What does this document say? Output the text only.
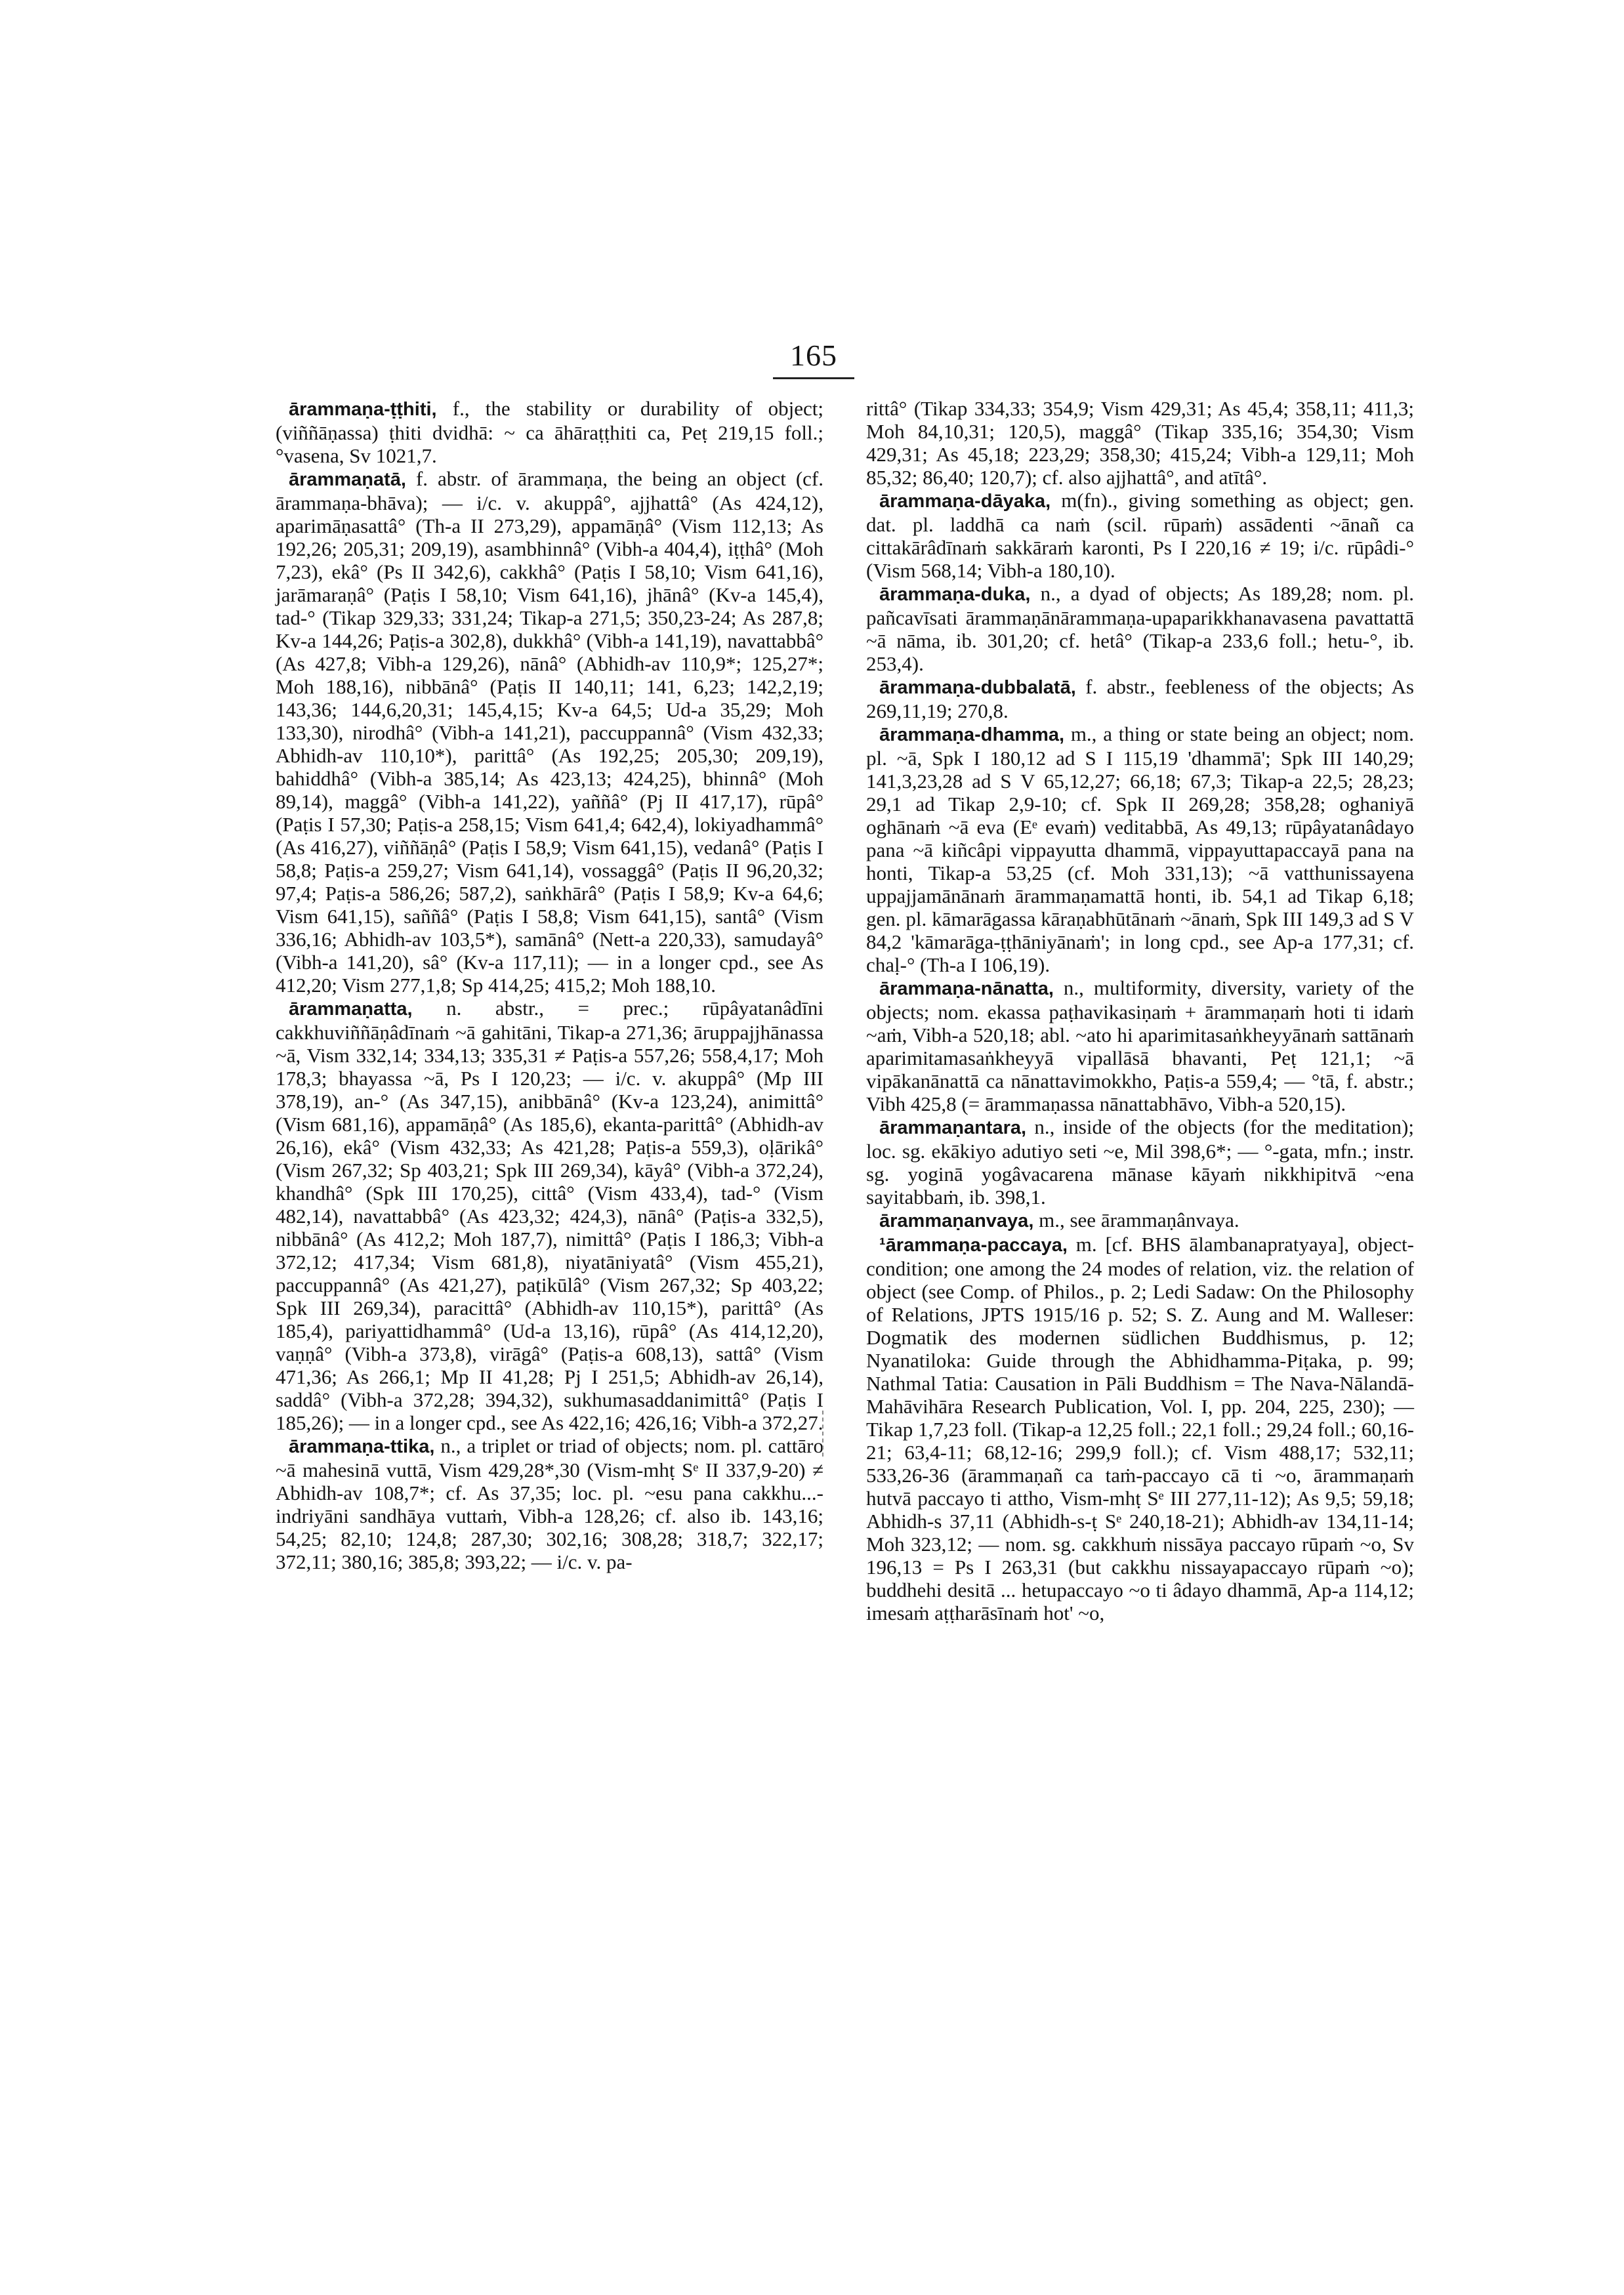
165

ārammaṇa-ṭṭhiti, f., the stability or durability of object; (viññāṇassa) ṭhiti dvidhā: ~ ca āhāraṭṭhiti ca, Peṭ 219,15 foll.; °vasena, Sv 1021,7.

ārammaṇatā, f. abstr. of ārammaṇa, the being an object (cf. ārammaṇa-bhāva); — i/c. v. akuppâ°, ajjhattâ° (As 424,12), aparimāṇasattâ° (Th-a II 273,29), appamāṇâ° (Vism 112,13; As 192,26; 205,31; 209,19), asambhinnâ° (Vibh-a 404,4), iṭṭhâ° (Moh 7,23), ekâ° (Ps II 342,6), cakkhâ° (Paṭis I 58,10; Vism 641,16), jarāmaraṇâ° (Paṭis I 58,10; Vism 641,16), jhānâ° (Kv-a 145,4), tad-° (Tikap 329,33; 331,24; Tikap-a 271,5; 350,23-24; As 287,8; Kv-a 144,26; Paṭis-a 302,8), dukkhâ° (Vibh-a 141,19), navattabbâ° (As 427,8; Vibh-a 129,26), nānâ° (Abhidh-av 110,9*; 125,27*; Moh 188,16), nibbānâ° (Paṭis II 140,11; 141, 6,23; 142,2,19; 143,36; 144,6,20,31; 145,4,15; Kv-a 64,5; Ud-a 35,29; Moh 133,30), nirodhâ° (Vibh-a 141,21), paccuppannâ° (Vism 432,33; Abhidh-av 110,10*), parittâ° (As 192,25; 205,30; 209,19), bahiddhâ° (Vibh-a 385,14; As 423,13; 424,25), bhinnâ° (Moh 89,14), maggâ° (Vibh-a 141,22), yaññâ° (Pj II 417,17), rūpâ° (Paṭis I 57,30; Paṭis-a 258,15; Vism 641,4; 642,4), lokiyadhammâ° (As 416,27), viññāṇâ° (Paṭis I 58,9; Vism 641,15), vedanâ° (Paṭis I 58,8; Paṭis-a 259,27; Vism 641,14), vossaggâ° (Paṭis II 96,20,32; 97,4; Paṭis-a 586,26; 587,2), saṅkhārâ° (Paṭis I 58,9; Kv-a 64,6; Vism 641,15), saññâ° (Paṭis I 58,8; Vism 641,15), santâ° (Vism 336,16; Abhidh-av 103,5*), samānâ° (Nett-a 220,33), samudayâ° (Vibh-a 141,20), sâ° (Kv-a 117,11); — in a longer cpd., see As 412,20; Vism 277,1,8; Sp 414,25; 415,2; Moh 188,10.

ārammaṇatta, n. abstr., = prec.; rūpâyatanâdīni cakkhuviññāṇâdīnaṁ ~ā gahitāni, Tikap-a 271,36; āruppajjhānassa ~ā, Vism 332,14; 334,13; 335,31 ≠ Paṭis-a 557,26; 558,4,17; Moh 178,3; bhayassa ~ā, Ps I 120,23; — i/c. v. akuppâ° (Mp III 378,19), an-° (As 347,15), anibbānâ° (Kv-a 123,24), animittâ° (Vism 681,16), appamāṇâ° (As 185,6), ekanta-parittâ° (Abhidh-av 26,16), ekâ° (Vism 432,33; As 421,28; Paṭis-a 559,3), oḷārikâ° (Vism 267,32; Sp 403,21; Spk III 269,34), kāyâ° (Vibh-a 372,24), khandhâ° (Spk III 170,25), cittâ° (Vism 433,4), tad-° (Vism 482,14), navattabbâ° (As 423,32; 424,3), nānâ° (Paṭis-a 332,5), nibbānâ° (As 412,2; Moh 187,7), nimittâ° (Paṭis I 186,3; Vibh-a 372,12; 417,34; Vism 681,8), niyatāniyatâ° (Vism 455,21), paccuppannâ° (As 421,27), paṭikūlâ° (Vism 267,32; Sp 403,22; Spk III 269,34), paracittâ° (Abhidh-av 110,15*), parittâ° (As 185,4), pariyattidhammâ° (Ud-a 13,16), rūpâ° (As 414,12,20), vaṇṇâ° (Vibh-a 373,8), virāgâ° (Paṭis-a 608,13), sattâ° (Vism 471,36; As 266,1; Mp II 41,28; Pj I 251,5; Abhidh-av 26,14), saddâ° (Vibh-a 372,28; 394,32), sukhumasaddanimittâ° (Paṭis I 185,26); — in a longer cpd., see As 422,16; 426,16; Vibh-a 372,27.

ārammaṇa-ttika, n., a triplet or triad of objects; nom. pl. cattāro ~ā mahesinā vuttā, Vism 429,28*,30 (Vism-mhṭ Sᵉ II 337,9-20) ≠ Abhidh-av 108,7*; cf. As 37,35; loc. pl. ~esu pana cakkhu...-indriyāni sandhāya vuttaṁ, Vibh-a 128,26; cf. also ib. 143,16; 54,25; 82,10; 124,8; 287,30; 302,16; 308,28; 318,7; 322,17; 372,11; 380,16; 385,8; 393,22; — i/c. v. pa-

rittâ° (Tikap 334,33; 354,9; Vism 429,31; As 45,4; 358,11; 411,3; Moh 84,10,31; 120,5), maggâ° (Tikap 335,16; 354,30; Vism 429,31; As 45,18; 223,29; 358,30; 415,24; Vibh-a 129,11; Moh 85,32; 86,40; 120,7); cf. also ajjhattâ°, and atītâ°.

ārammaṇa-dāyaka, m(fn)., giving something as object; gen. dat. pl. laddhā ca naṁ (scil. rūpaṁ) assādenti ~ānañ ca cittakārâdīnaṁ sakkāraṁ karonti, Ps I 220,16 ≠ 19; i/c. rūpâdi-° (Vism 568,14; Vibh-a 180,10).

ārammaṇa-duka, n., a dyad of objects; As 189,28; nom. pl. pañcavīsati ārammaṇānārammaṇa-upaparikkhanavasena pavattattā ~ā nāma, ib. 301,20; cf. hetâ° (Tikap-a 233,6 foll.; hetu-°, ib. 253,4).

ārammaṇa-dubbalatā, f. abstr., feebleness of the objects; As 269,11,19; 270,8.

ārammaṇa-dhamma, m., a thing or state being an object; nom. pl. ~ā, Spk I 180,12 ad S I 115,19 'dhammā'; Spk III 140,29; 141,3,23,28 ad S V 65,12,27; 66,18; 67,3; Tikap-a 22,5; 28,23; 29,1 ad Tikap 2,9-10; cf. Spk II 269,28; 358,28; oghaniyā oghānaṁ ~ā eva (Eᵉ evaṁ) veditabbā, As 49,13; rūpâyatanâdayo pana ~ā kiñcâpi vippayutta dhammā, vippayuttapaccayā pana na honti, Tikap-a 53,25 (cf. Moh 331,13); ~ā vatthunissayena uppajjamānānaṁ ārammaṇamattā honti, ib. 54,1 ad Tikap 6,18; gen. pl. kāmarāgassa kāraṇabhūtānaṁ ~ānaṁ, Spk III 149,3 ad S V 84,2 'kāmarāga-ṭṭhāniyānaṁ'; in long cpd., see Ap-a 177,31; cf. chaḷ-° (Th-a I 106,19).

ārammaṇa-nānatta, n., multiformity, diversity, variety of the objects; nom. ekassa paṭhavikasiṇaṁ + ārammaṇaṁ hoti ti idaṁ ~aṁ, Vibh-a 520,18; abl. ~ato hi aparimitasaṅkheyyānaṁ sattānaṁ aparimitamasaṅkheyyā vipallāsā bhavanti, Peṭ 121,1; ~ā vipākanānattā ca nānattavimokkho, Paṭis-a 559,4; — °tā, f. abstr.; Vibh 425,8 (= ārammaṇassa nānattabhāvo, Vibh-a 520,15).

ārammaṇantara, n., inside of the objects (for the meditation); loc. sg. ekākiyo adutiyo seti ~e, Mil 398,6*; — °-gata, mfn.; instr. sg. yoginā yogâvacarena mānase kāyaṁ nikkhipitvā ~ena sayitabbaṁ, ib. 398,1.

ārammaṇanvaya, m., see ārammaṇânvaya.

¹ārammaṇa-paccaya, m. [cf. BHS ālambanapratyaya], object-condition; one among the 24 modes of relation, viz. the relation of object (see Comp. of Philos., p. 2; Ledi Sadaw: On the Philosophy of Relations, JPTS 1915/16 p. 52; S. Z. Aung and M. Walleser: Dogmatik des modernen südlichen Buddhismus, p. 12; Nyanatiloka: Guide through the Abhidhamma-Piṭaka, p. 99; Nathmal Tatia: Causation in Pāli Buddhism = The Nava-Nālandā-Mahāvihāra Research Publication, Vol. I, pp. 204, 225, 230); — Tikap 1,7,23 foll. (Tikap-a 12,25 foll.; 22,1 foll.; 29,24 foll.; 60,16-21; 63,4-11; 68,12-16; 299,9 foll.); cf. Vism 488,17; 532,11; 533,26-36 (ārammaṇañ ca taṁ-paccayo cā ti ~o, ārammaṇaṁ hutvā paccayo ti attho, Vism-mhṭ Sᵉ III 277,11-12); As 9,5; 59,18; Abhidh-s 37,11 (Abhidh-s-ṭ Sᵉ 240,18-21); Abhidh-av 134,11-14; Moh 323,12; — nom. sg. cakkhuṁ nissāya paccayo rūpaṁ ~o, Sv 196,13 = Ps I 263,31 (but cakkhu nissayapaccayo rūpaṁ ~o); buddhehi desitā ... hetupaccayo ~o ti âdayo dhammā, Ap-a 114,12; imesaṁ aṭṭharāsīnaṁ hot' ~o,
